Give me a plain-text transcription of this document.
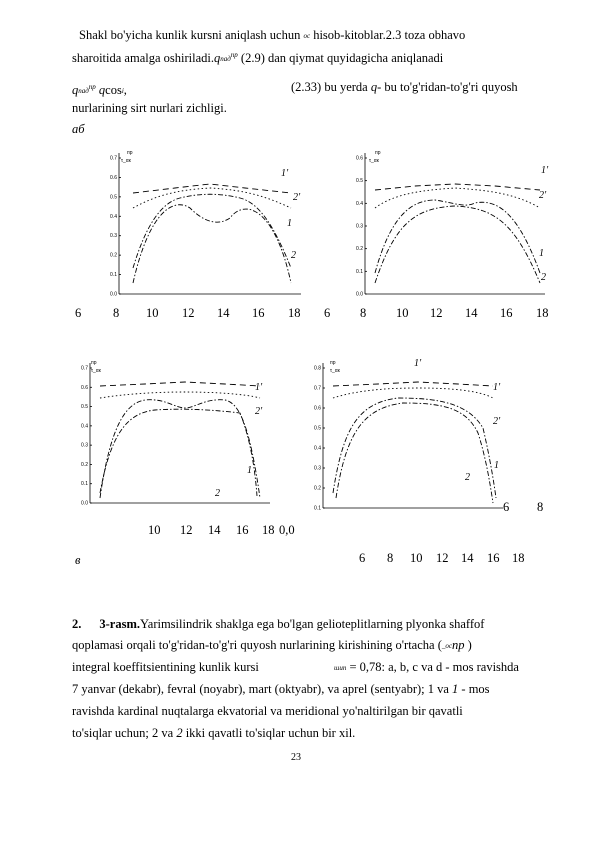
Shakl bo'yicha kunlik kursni aniqlash uchun ос hisob-kitoblar.2.3 toza obhavo
sharoitida amalga oshiriladi.qпад$^{пр}$ (2.9) dan qiymat quyidagicha aniqlanadi
qпад$^{пр}$ qcosi,	(2.33) bu yerda q- bu to'g'ridan-to'g'ri quyosh
nurlarining sirt nurlari zichligi.
аб
пр
τ_αк
0.7
0.6
0.5
0.4
0.3
0.2
0.1
0.0
1′
2′
1
2
пр
τ_αк
0.6
0.5
0.4
0.3
0.2
0.1
0.0
1′
2′
1
2
6	8 10 12 14 16 18 6 8 10 12 14 16 18
пр
τ_αк
0.7
0.6
0.5
0.4
0.3
0.2
0.1
0.0
1′
2′
1
2
пр
τ_αк
0.8
0.7
0.6
0.5
0.4
0.3
0.2
0.1
1′
1′
2′
1
2
6 8
10 12 14 16 18 0,0
в	6 8 10 12 14 16 18
2. 3-rasm.Yarimsilindrik shaklga ega bo'lgan gelioteplitlarning plyonka shaffof
qoplamasi orqali to'g'ridan-to'g'ri quyosh nurlarining kirishining o'rtacha (_оспр )
integral koeffitsientining kunlik kursi	шип = 0,78: a, b, c va d - mos ravishda
7 yanvar (dekabr), fevral (noyabr), mart (oktyabr), va aprel (sentyabr); 1 va 1 - mos
ravishda kardinal nuqtalarga ekvatorial va meridional yo'naltirilgan bir qavatli
to'siqlar uchun; 2 va 2 ikki qavatli to'siqlar uchun bir xil.
23
